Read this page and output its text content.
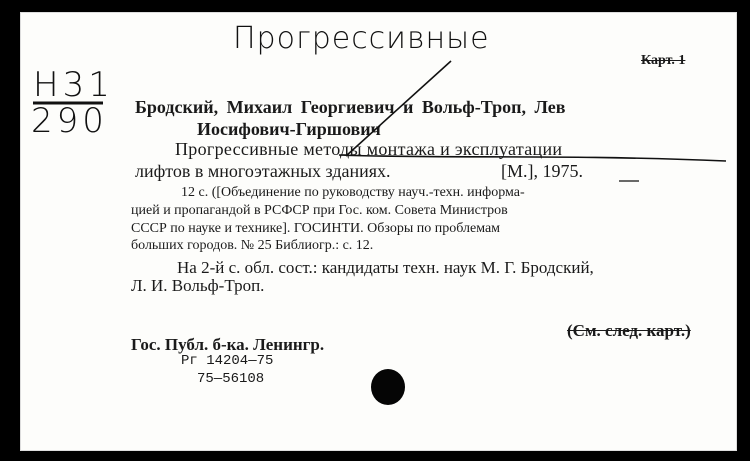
Прогрессивные
Н31
290
Карт. 1
Бродский, Михаил Георгиевич и Вольф-Троп, Лев
Иосифович-Гиршович
Прогрессивные методы монтажа и эксплуатации
лифтов в многоэтажных зданиях.	[М.], 1975.
12 с. ([Объединение по руководству науч.-техн. информа-
цией и пропагандой в РСФСР при Гос. ком. Совета Министров
СССР по науке и технике]. ГОСИНТИ. Обзоры по проблемам
больших городов. № 25 Библиогр.: с. 12.
На 2-й с. обл. сост.: кандидаты техн. наук М. Г. Бродский,
Л. И. Вольф-Троп.
(См. след. карт.)
Гос. Публ. б-ка. Ленингр.
Рг 14204—75
75—56108
